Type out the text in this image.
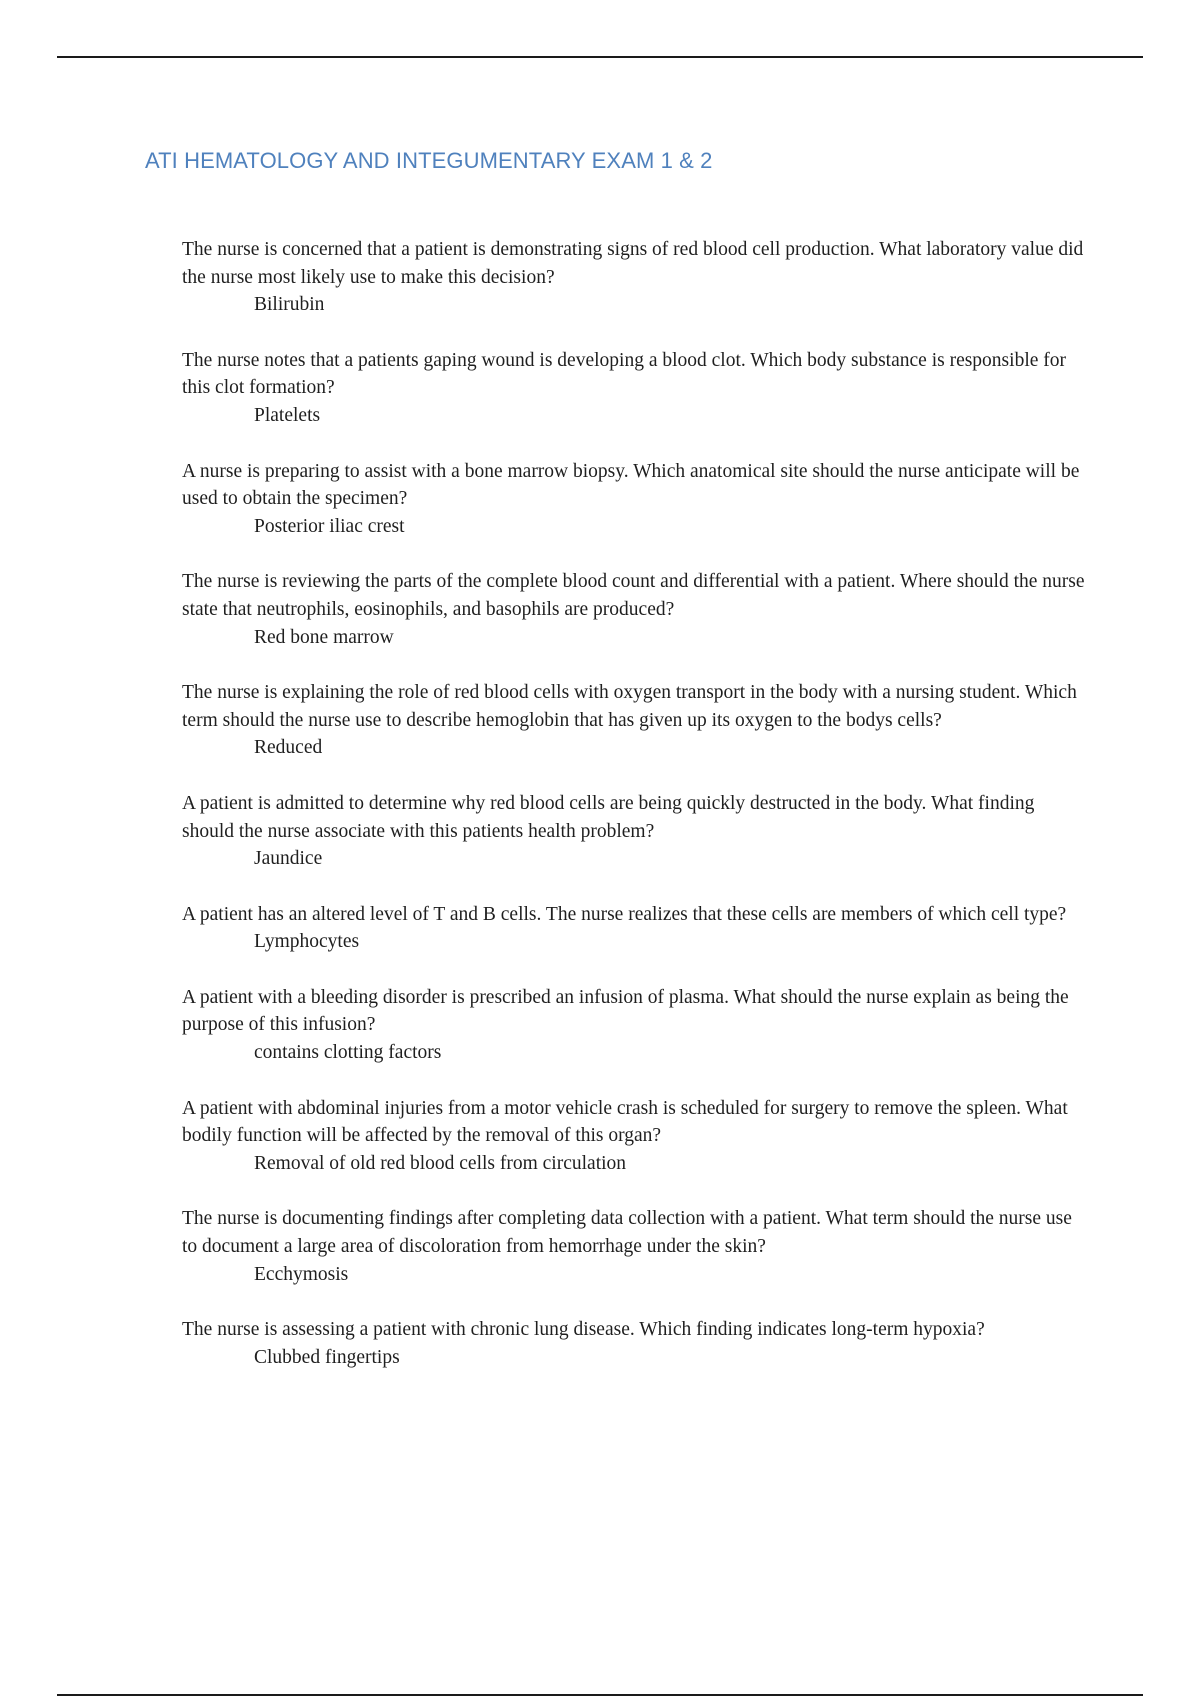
ATI HEMATOLOGY AND INTEGUMENTARY EXAM 1 & 2

The nurse is concerned that a patient is demonstrating signs of red blood cell production. What laboratory value did the nurse most likely use to make this decision?

Bilirubin

The nurse notes that a patients gaping wound is developing a blood clot. Which body substance is responsible for this clot formation?

Platelets

A nurse is preparing to assist with a bone marrow biopsy. Which anatomical site should the nurse anticipate will be used to obtain the specimen?

Posterior iliac crest

The nurse is reviewing the parts of the complete blood count and differential with a patient. Where should the nurse state that neutrophils, eosinophils, and basophils are produced?

Red bone marrow

The nurse is explaining the role of red blood cells with oxygen transport in the body with a nursing student. Which term should the nurse use to describe hemoglobin that has given up its oxygen to the bodys cells?

Reduced

A patient is admitted to determine why red blood cells are being quickly destructed in the body. What finding should the nurse associate with this patients health problem?

Jaundice

A patient has an altered level of T and B cells. The nurse realizes that these cells are members of which cell type?

Lymphocytes

A patient with a bleeding disorder is prescribed an infusion of plasma. What should the nurse explain as being the purpose of this infusion?

contains clotting factors

A patient with abdominal injuries from a motor vehicle crash is scheduled for surgery to remove the spleen. What bodily function will be affected by the removal of this organ?

Removal of old red blood cells from circulation

The nurse is documenting findings after completing data collection with a patient. What term should the nurse use to document a large area of discoloration from hemorrhage under the skin?

Ecchymosis

The nurse is assessing a patient with chronic lung disease. Which finding indicates long-term hypoxia?

Clubbed fingertips
